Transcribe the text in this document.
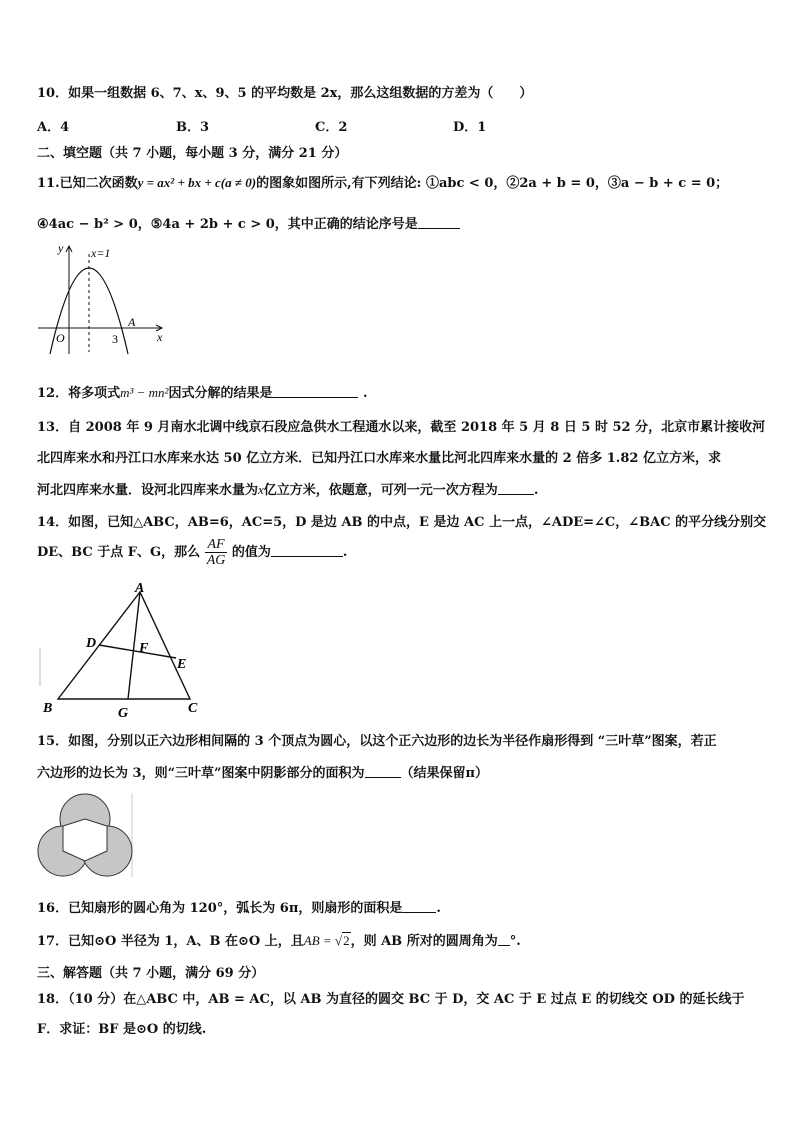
10．如果一组数据 6、7、x、9、5 的平均数是 2x，那么这组数据的方差为（　　）
A．4	B．3	C．2	D．1
二、填空题（共 7 小题，每小题 3 分，满分 21 分）
11.已知二次函数y = ax² + bx + c(a ≠ 0)的图象如图所示,有下列结论: ①abc < 0，②2a + b = 0，③a − b + c = 0；
④4ac − b² > 0，⑤4a + 2b + c > 0，其中正确的结论序号是
y x=1
O	3
A
x
12．将多项式m³ − mn²因式分解的结果是	.
13．自 2008 年 9 月南水北调中线京石段应急供水工程通水以来，截至 2018 年 5 月 8 日 5 时 52 分，北京市累计接收河
北四库来水和丹江口水库来水达 50 亿立方米．已知丹江口水库来水量比河北四库来水量的 2 倍多 1.82 亿立方米，求
河北四库来水量．设河北四库来水量为x亿立方米，依题意，可列一元一次方程为	.
14．如图，已知△ABC，AB=6，AC=5，D 是边 AB 的中点，E 是边 AC 上一点，∠ADE=∠C，∠BAC 的平分线分别交
DE、BC 于点 F、G，那么 $\frac{AF}{AG}$ 的值为	.
A
B	C
D
E
F
G
15．如图，分别以正六边形相间隔的 3 个顶点为圆心，以这个正六边形的边长为半径作扇形得到 “三叶草”图案，若正
六边形的边长为 3，则“三叶草”图案中阴影部分的面积为	（结果保留π）
16．已知扇形的圆心角为 120°，弧长为 6π，则扇形的面积是	.
17．已知⊙O 半径为 1，A、B 在⊙O 上，且AB = √2，则 AB 所对的圆周角为 °.
三、解答题（共 7 小题，满分 69 分）
18．（10 分）在△ABC 中，AB = AC，以 AB 为直径的圆交 BC 于 D，交 AC 于 E 过点 E 的切线交 OD 的延长线于
F．求证：BF 是⊙O 的切线.
